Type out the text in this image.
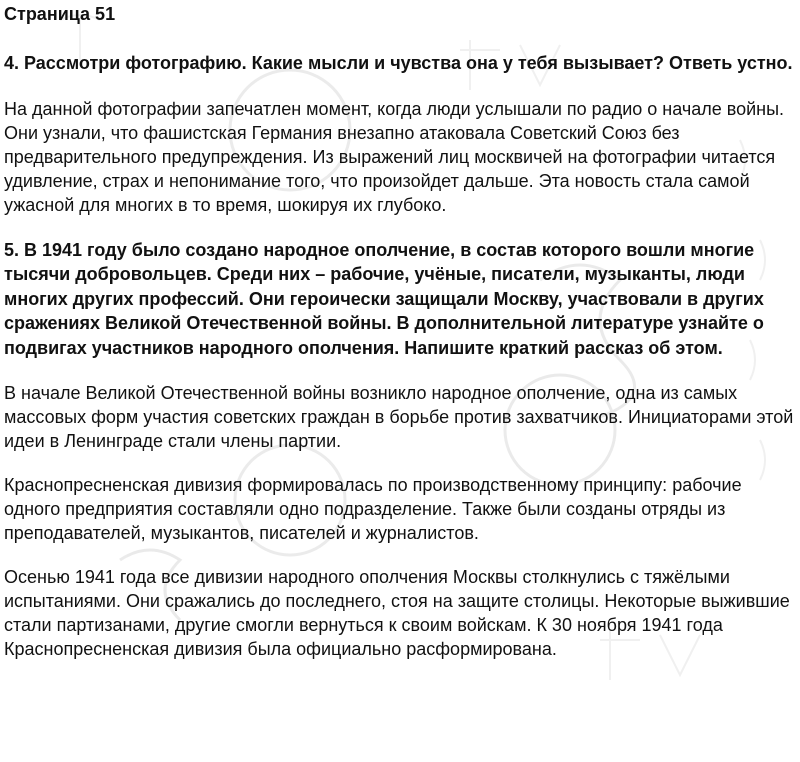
Страница 51
4. Рассмотри фотографию. Какие мысли и чувства она у тебя вызывает? Ответь устно.
На данной фотографии запечатлен момент, когда люди услышали по радио о начале войны. Они узнали, что фашистская Германия внезапно атаковала Советский Союз без предварительного предупреждения. Из выражений лиц москвичей на фотографии читается удивление, страх и непонимание того, что произойдет дальше. Эта новость стала самой ужасной для многих в то время, шокируя их глубоко.
5. В 1941 году было создано народное ополчение, в состав которого вошли многие тысячи добровольцев. Среди них – рабочие, учёные, писатели, музыканты, люди многих других профессий. Они героически защищали Москву, участвовали в других сражениях Великой Отечественной войны. В дополнительной литературе узнайте о подвигах участников народного ополчения. Напишите краткий рассказ об этом.
В начале Великой Отечественной войны возникло народное ополчение, одна из самых массовых форм участия советских граждан в борьбе против захватчиков. Инициаторами этой идеи в Ленинграде стали члены партии.
Краснопресненская дивизия формировалась по производственному принципу: рабочие одного предприятия составляли одно подразделение. Также были созданы отряды из преподавателей, музыкантов, писателей и журналистов.
Осенью 1941 года все дивизии народного ополчения Москвы столкнулись с тяжёлыми испытаниями. Они сражались до последнего, стоя на защите столицы. Некоторые выжившие стали партизанами, другие смогли вернуться к своим войскам. К 30 ноября 1941 года Краснопресненская дивизия была официально расформирована.
